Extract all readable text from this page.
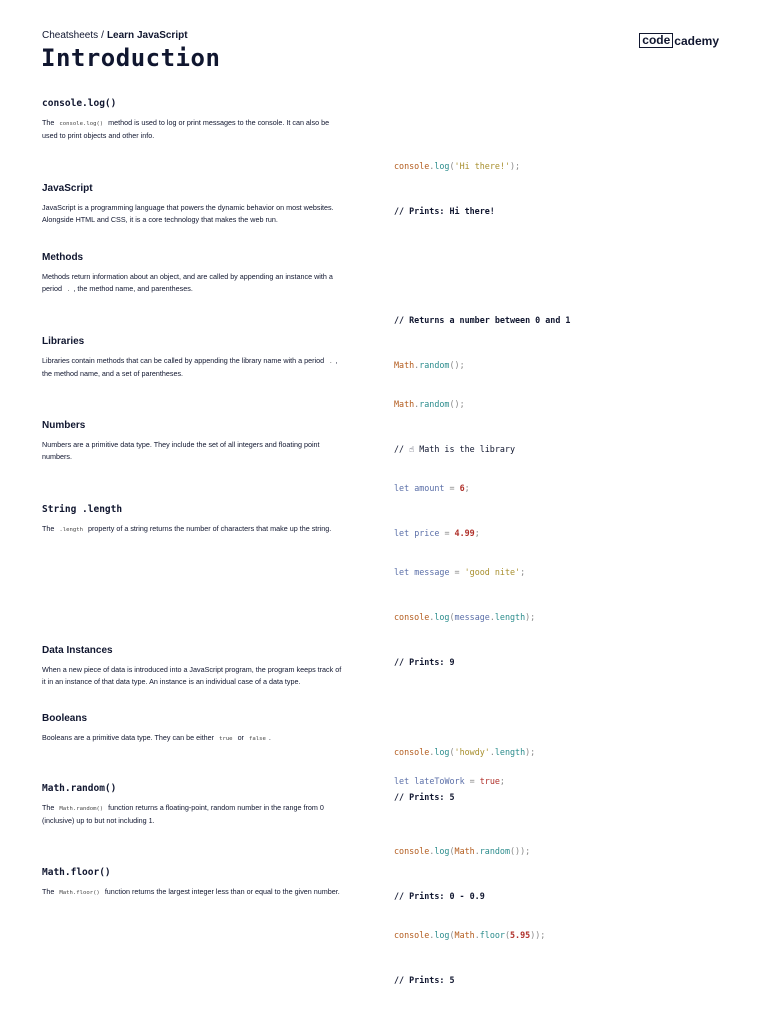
Cheatsheets / Learn JavaScript	code cademy
Introduction
console.log()

The console.log() method is used to log or print messages to the console. It can also be used to print objects and other info.

console.log('Hi there!');

// Prints: Hi there!

JavaScript

JavaScript is a programming language that powers the dynamic behavior on most websites. Alongside HTML and CSS, it is a core technology that makes the web run.

Methods

Methods return information about an object, and are called by appending an instance with a period . , the method name, and parentheses.

// Returns a number between 0 and 1

Math.random();

Libraries

Libraries contain methods that can be called by appending the library name with a period . , the method name, and a set of parentheses.

Math.random();

// ☝ Math is the library

Numbers

Numbers are a primitive data type. They include the set of all integers and floating point numbers.

let amount = 6;

let price = 4.99;

String .length

The .length property of a string returns the number of characters that make up the string.

let message = 'good nite';

console.log(message.length);

// Prints: 9

console.log('howdy'.length);

// Prints: 5

Data Instances

When a new piece of data is introduced into a JavaScript program, the program keeps track of it in an instance of that data type. An instance is an individual case of a data type.

Booleans

Booleans are a primitive data type. They can be either true or false .

let lateToWork = true;

Math.random()

The Math.random() function returns a floating-point, random number in the range from 0 (inclusive) up to but not including 1.

console.log(Math.random());

// Prints: 0 - 0.9

Math.floor()

The Math.floor() function returns the largest integer less than or equal to the given number.

console.log(Math.floor(5.95));

// Prints: 5
